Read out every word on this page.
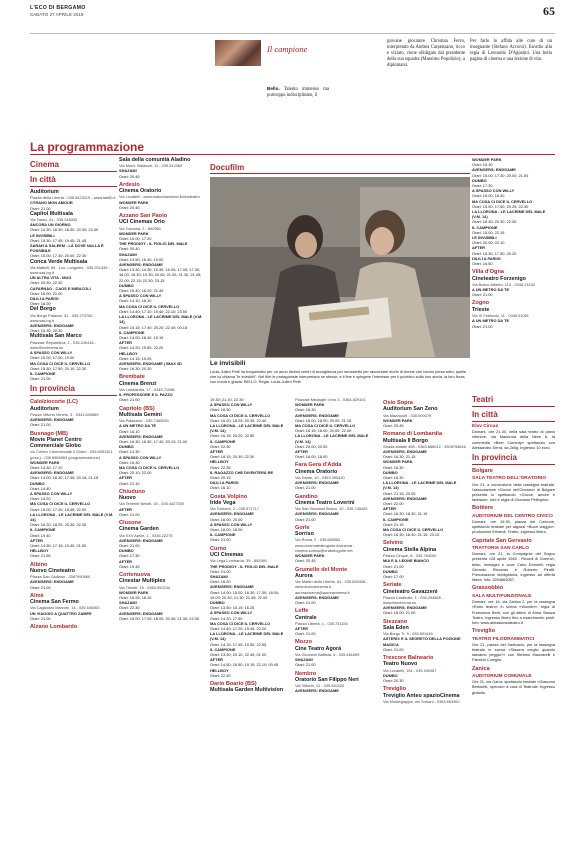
L'ECO DI BERGAMO
SABATO 27 APRILE 2019	65
Il campione
Bello. Talento immenso ma purtroppo indisciplinato, il
giovane giocatore Christian Ferro, interpretato da Andrea Carpenzano, ricco e viziato, viene obbligato dal presidente della sua squadra (Massimo Popolizio), a diplomarsi.
Per farlo lo affida alle cure di un insegnante (Stefano Accorsi). Esordio alla regia di Leonardo D'Agostini. Una bella pagina di cinema e una lezione di vita.
La programmazione
Cinema
In città
Auditorium
Piazza della Libertà - 035.3423219 - www.lab80.it
CYRANO MON AMOUR
Orari: 21.00
Capitol Multisala
Via Tasso, 41 - 035.248330
ANCORA UN GIORNO
Orari: 14.30; 16.30; 18.30; 20.30; 22.30
LE INVISIBILI
Orari: 15.30; 17.45; 19.45; 21.45
SARAH & SALEEM - LÀ DOVE NULLA È POSSIBILE
Orari: 15.00; 17.30; 20.00; 22.30
Conca Verde Multisala
Via Mattioli, 65 - Loc. Longuelo - 035.251339 - www.sas.bg.it
UN ALTRA VITA - MUG
Orari: 20.30; 22.30
CAFARNAO - CAOS E MIRACOLI
Orari: 16.00; 21.00
DILILÌ A PARIGI
Orari: 16.00
Del Borgo
Via Borgo Palazzo, 51 - 035.270760 - www.sas.bg.it
AVENGERS: ENDGAME
Orari: 16.30; 20.30
Multisala San Marco
Piazzale Repubblica, 2 - 035.240416 - www.filmcinema.eu
A SPASSO CON WILLY
Orari: 15.00; 17.00; 19.00
MA COSA CI DICE IL CERVELLO
Orari: 15.30; 17.50; 20.10; 22.30
IL CAMPIONE
Orari: 21.00
In provincia
Calolziocorte (LC)
Auditorium
Piazza Vittorio Veneto, 3 - 0341.630689
AVENGERS: ENDGAME
Orari: 21.00
Busnago (MB)
Movie Planet Centro Commerciale Globo
c/o Centro Commerciale Il Globo - 039.6951321 (prov.) - 039.6956959 (programmazione)
WONDER PARK
Orari: 14.30; 17.10
AVENGERS: ENDGAME
Orari: 14.00; 16.30; 17.35; 20.15; 21.15
DUMBO
Orari: 14.40
A SPASSO CON WILLY
Orari: 14.20
MA COSA CI DICE IL CERVELLO
Orari: 15.00; 17.20; 19.45; 22.00
LA LLORONA - LE LACRIME DEL MALE (V.M. 14)
Orari: 16.20; 18.25; 20.30; 22.35
IL CAMPIONE
Orari: 19.40
AFTER
Orari: 14.50; 17.15; 19.40; 21.50
HELLBOY
Orari: 21.55
Albino
Nuovo Cineteatro
Piazza San Giuliano - 3387990560
AVENGERS: ENDGAME
Orari: 21.00
Almè
Cinema San Fermo
Via Cagliolaro Marconi, 14 - 035.545363
UN VIAGGIO A QUATTRO ZAMPE
Orari: 21.00
Alzano Lombardo
Sala della comunità Aladino
Via Mons. Balduzzi, 11 - 035.512360
SHAZAM!
Orari: 20.45
Ardesio
Cinema Oratorio
Via Locatelli - www.oratorioardesio.it/cineteatro
WONDER PARK
Orari: 20.45
Azzano San Paolo
UCI Cinemas Orio
Via Toscana, 2 - 892960
WONDER PARK
Orari: 15.00; 17.20
THE PRODIGY - IL FIGLIO DEL MALE
Orari: 00.40
SHAZAM!
Orari: 13.50; 16.30; 19.00
AVENGERS: ENDGAME
Orari: 13.30; 14.30; 15.30; 16.00; 17.00; 17.30; 18.00; 18.30; 19.30; 20.00; 21.00; 21.30; 21.45; 22.00; 22.15; 22.30; 23.15
DUMBO
Orari: 15.40; 16.20; 21.40
A SPASSO CON WILLY
Orari: 14.10; 16.10
MA COSA CI DICE IL CERVELLO
Orari: 14.40; 17.10; 19.40; 22.10; 23.50
LA LLORONA - LE LACRIME DEL MALE (V.M. 14)
Orari: 15.15; 17.40; 20.20; 22.40; 00.15
IL CAMPIONE
Orari: 14.00; 16.40; 19.15
AFTER
Orari: 14.20; 19.50; 22.20
HELLBOY
Orari: 14.15; 19.25
AVENGERS: ENDGAME | IMAX 3D
Orari: 16.30; 20.30
Brembate
Cinema Brenzi
Via Lombardia, 17 - 0345.71088
IL PROFESSORE E IL PAZZO
Orari: 21.00
Capriolo (BS)
Multisala Gemini
Via Palazzolo - 030.7460530
A UN METRO DA TE
Orari: 16.10
AVENGERS: ENDGAME
Orari: 16.30; 16.30; 17.40; 20.10; 21.00
DUMBO
Orari: 14.30
A SPASSO CON WILLY
Orari: 16.30
MA COSA CI DICE IL CERVELLO
Orari: 20.10; 22.00
AFTER
Orari: 21.10
Chiuduno
Nuovo
Via Tenente Belotti, 40 - 035.4427300
AFTER
Orari: 21.00
Clusone
Cinema Garden
Via XXV Aprile, 1 - 0346.22275
AVENGERS: ENDGAME
Orari: 21.00
DUMBO
Orari: 17.30
AFTER
Orari: 19.45
Cortenuova
Cinestar Multiplex
Via Trieste, 15 - 0363.992244
WONDER PARK
Orari: 16.25; 18.15
SHAZAM!
Orari: 22.30
AVENGERS: ENDGAME
Orari: 16.00; 17.00; 18.00; 20.30; 21.30; 22.00
Docufilm
Le invisibili
Louis-Julien Petit ha frequentato per un anno diversi centri di accoglienza per senzatetto per raccontare storie di donne che hanno perso tutto; quelle che lui chiama "le invisibili". Nel film le protagoniste interpretano se stesse, e il fine è spingere l'interesse per il pubblico sulla loro storia, la loro forza, con ironia e grazia. BELLO. Regia: Louis-Julien Petit.
19.30; 21.10; 22.30
A SPASSO CON WILLY
Orari: 16.30
MA COSA CI DICE IL CERVELLO
Orari: 16.20; 18.25; 20.35; 22.40
LA LLORONA - LE LACRIME DEL MALE (V.M. 14)
Orari: 16.15; 20.20; 22.50
IL CAMPIONE
Orari: 22.30
AFTER
Orari: 18.15; 20.30; 22.30
HELLBOY
Orari: 22.35
IL RAGAZZO CHE DIVENTERÀ RE
Orari: 20.15
DILILÌ A PARIGI
Orari: 16.10
Costa Volpino
Iride Vega
Via Torrione, 2 - 035.971717
AVENGERS: ENDGAME
Orari: 16.00; 20.00
A SPASSO CON WILLY
Orari: 16.00; 18.00
IL CAMPIONE
Orari: 21.00
Curno
UCI Cinemas
Via Lega Lombarda, 39 - 892960
THE PRODIGY - IL FIGLIO DEL MALE
Orari: 01.00
SHAZAM!
Orari: 16.20
AVENGERS: ENDGAME
Orari: 14.00; 15.00; 16.30; 17.30; 18.00; 19.00; 20.30; 21.30; 21.45; 22.00
DUMBO
Orari: 13.50; 15.15; 16.25
A SPASSO CON WILLY
Orari: 14.20; 17.50
MA COSA CI DICE IL CERVELLO
Orari: 14.40; 17.20; 19.45; 22.20
LA LLORONA - LE LACRIME DEL MALE (V.M. 14)
Orari: 14.15; 17.45; 19.50; 22.55
IL CAMPIONE
Orari: 13.30; 20.10; 22.45; 01.00
AFTER
Orari: 14.50; 16.50; 19.15; 22.10; 00.45
HELLBOY
Orari: 22.30
Dario Boario (BS)
Multisala Garden Multivision
Piazzale Medaglie d'oro 2 - 0364.529101
WONDER PARK
Orari: 16.30
AVENGERS: ENDGAME
Orari: 16.00; 18.00; 20.00; 21.15
MA COSA CI DICE IL CERVELLO
Orari: 16.15; 18.00; 20.00; 22.00
LA LLORONA - LE LACRIME DEL MALE (V.M. 14)
Orari: 20.00; 22.00
AFTER
Orari: 16.00; 18.00
Fara Gera d'Adda
Cinema Oratorio
Via Dante, 10 - 0363.395420
AVENGERS: ENDGAME
Orari: 21.00
Gandino
Cinema Teatro Loverini
Via San Giovanni Bosco, 10 - 035.745425
AVENGERS: ENDGAME
Orari: 21.00
Gorle
Sorriso
Via Roma, 2 - 035.656962 - www.cinemateatrogorle.it/cinema - cinema.sorriso@oratoriogorle.net
WONDER PARK
Orari: 20.45
Grumello del Monte
Aurora
Via Martiri della Libertà, 61 - 035.830408 - www.auroracinema.it - auroracinema@auroracinema.it
AVENGERS: ENDGAME
Orari: 21.00
Leffe
Centrale
Piazza Libertà, 1 - 035.731154
AFTER
Orari: 21.00
Mozzo
Cine Teatro Agorà
Via Giovanni Battista, 6 - 035.461699
SHAZAM!
Orari: 21.00
Nembro
Oratorio San Filippo Neri
Via Vittoria, 12 - 035.520420
AVENGERS: ENDGAME
Osio Sopra
Auditorium San Zeno
Via Mazzucoti - 035.500079
WONDER PARK
Orari: 20.45
Romano di Lombardia
Multisala Il Borgo
Strada statale 498 - 0363.688012 - 3928758616
AVENGERS: ENDGAME
Orari: 16.30; 21.15
WONDER PARK
Orari: 16.30
DUMBO
Orari: 16.30
LA LLORONA - LE LACRIME DEL MALE (V.M. 14)
Orari: 21.15; 23.00
AVENGERS: ENDGAME
Orari: 22.00
AFTER
Orari: 16.30; 18.30; 21.15
IL CAMPIONE
Orari: 21.15
MA COSA CI DICE IL CERVELLO
Orari: 16.30; 18.30; 21.15; 23.10
Selvino
Cinema Stella Alpina
Piazza Cinque, 6 - 035.764250
MIA E IL LEONE BIANCO
Orari: 21.00
DUMBO
Orari: 17.00
Seriate
Cineteatro Gavazzeni
Piazza Cardinale, 1 - 035.294868 - www.ilnecinema.eu
AVENGERS: ENDGAME
Orari: 16.00; 21.00
Stezzano
Sala Eden
Via Borgo Tr, 9 - 035.591449
ASTERIX E IL SEGRETO DELLA POZIONE MAGICA
Orari: 21.00
Trescore Balneario
Teatro Nuovo
Via Locatelli, 104 - 035.940087
DUMBO
Orari: 20.30
Treviglio
Treviglio Anteo spazioCinema
Via Montegrappa, via Torriani - 0363.563460
WONDER PARK
Orari: 15.30
AVENGERS: ENDGAME
Orari: 15.00; 17.30; 20.00; 21.00
DUMBO
Orari: 17.30
A SPASSO CON WILLY
Orari: 15.00; 18.40
MA COSA CI DICE IL CERVELLO
Orari: 15.50; 17.50; 20.25; 22.30
LA LLORONA - LE LACRIME DEL MALE (V.M. 14)
Orari: 18.30; 20.30; 22.30
IL CAMPIONE
Orari: 15.00; 22.15
LE INVISIBILI
Orari: 20.00; 22.10
AFTER
Orari: 15.30; 17.50; 20.20
DILILÌ A PARIGI
Orari: 16.50
Villa d'Ogna
Cineteatro Forzenigo
Via Bosco Alberto, 113 - 0346.21532
A UN METRO DA TE
Orari: 21.00
Zogno
Trieste
Via XI Febbraio, 11 - 0345.91051
A UN METRO DA TE
Orari: 21.00
Teatri
In città
Elav Circus
Domani, ore 21.30, nella sala teatro al piano inferiore, via Madonna della Neve 6, la commedia «Beer Comedy» spettacolo con Alessandro Serra, da Zelig. Ingresso 10 euro.
In provincia
Bolgare
SALA TEATRO DELL'ORATORIO
Ore 21, a conclusione della rassegna teatrale, l'associazione «Gocce nell'Oceano» di Bolgare presenta lo spettacolo «Gocce, amore e fantasia». Info e regia di Giovanni Pellegrino.
Bottiere
AUDITORIUM DEL CENTRO CIVICO
Domani, ore 16.30, piazza del Comune, spettacolo teatrale per ragazzi «Buon viaggio», produzione Erbamil. Teatro, ingresso libero.
Capriate San Gervasio
TRATTORIA SAN CARLO
Domani, ore 21, la Compagnia del Sogno presenta «28 aprile 1945 - Ricordi di Guerra», testo, immagini e voce Carlo Donnelli, regia Gerardo Riccardo e Roberto Pirotti. Prenotazione obbligatoria, ingresso ad offerta libera. Info: 3294663057.
Grassobbio
SALA MULTIFUNZIONALE
Domani, ore 16, via Zanica 2, per la rassegna «Estro teatro» in scena «Wonder», regia di Francesca Berti, con gli allievi di Alma Stanza Teatro. Ingresso libero fino a esaurimento posti. Info: www.almastanzateatro.it
Treviglio
TEATRO FILODRAMMATICI
Ore 21, piazza del Santuario, per la rassegna teatrale in scena «Stasera meglio quando stavamo peggio?» con Stefano Manzarelli e Fabrizio Coniglio.
Zanica
AUDITORIUM COMUNALE
Ore 21, via Garra, spettacolo teatrale «Giacomo Bertoletti, operaio» a cura di Teatrulle. Ingresso gratuito.
